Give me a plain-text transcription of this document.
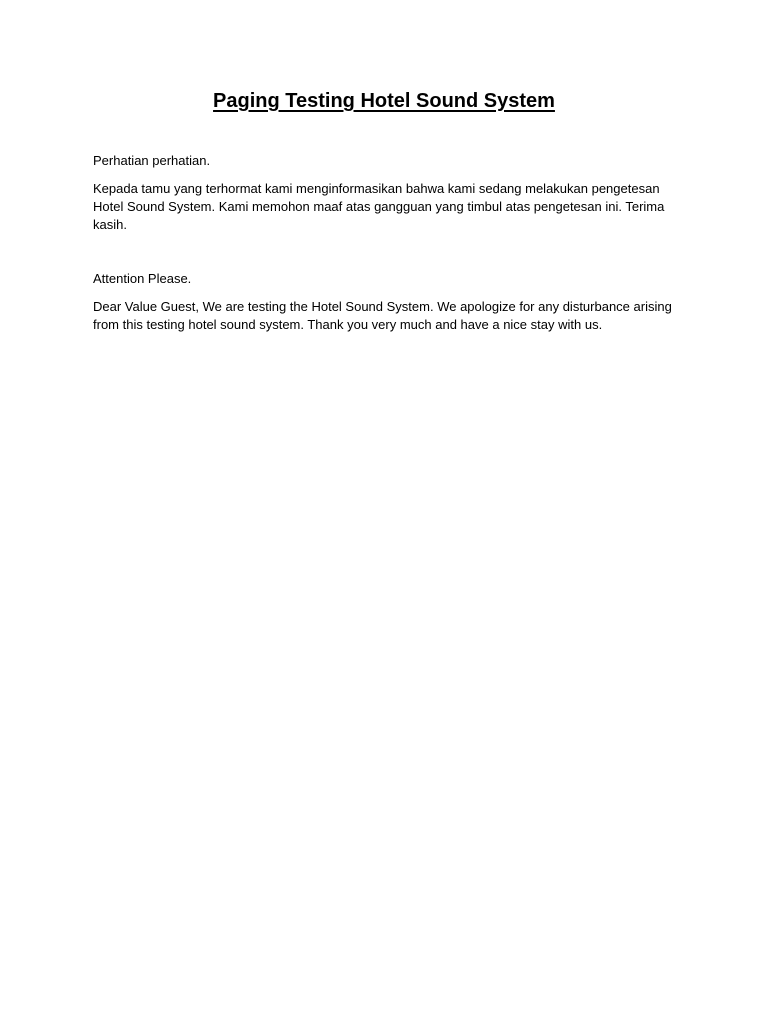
Paging Testing Hotel Sound System

Perhatian perhatian.

Kepada tamu yang terhormat kami menginformasikan bahwa kami sedang melakukan pengetesan Hotel Sound System. Kami memohon maaf atas gangguan yang timbul atas pengetesan ini. Terima kasih.

Attention Please.

Dear Value Guest, We are testing the Hotel Sound System. We apologize for any disturbance arising from this testing hotel sound system. Thank you very much and have a nice stay with us.
